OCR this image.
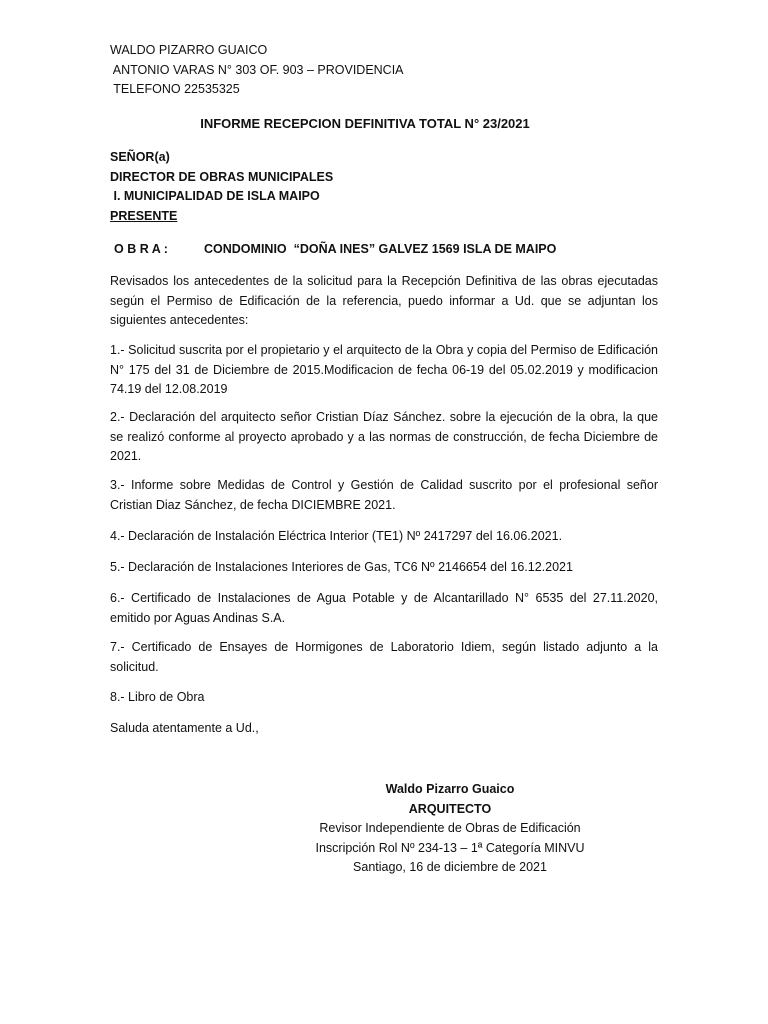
WALDO PIZARRO GUAICO
ANTONIO VARAS N° 303 OF. 903 – PROVIDENCIA
TELEFONO 22535325
INFORME RECEPCION DEFINITIVA TOTAL N° 23/2021
SEÑOR(a)
DIRECTOR DE OBRAS MUNICIPALES
I. MUNICIPALIDAD DE ISLA MAIPO
PRESENTE
O B R A :	CONDOMINIO  “DOÑA INES” GALVEZ 1569 ISLA DE MAIPO
Revisados los antecedentes de la solicitud para la Recepción Definitiva de las obras ejecutadas según el Permiso de Edificación de la referencia, puedo informar a Ud. que se adjuntan los siguientes antecedentes:
1.- Solicitud suscrita por el propietario y el arquitecto de la Obra y copia del Permiso de Edificación N° 175 del 31 de Diciembre de 2015.Modificacion de fecha 06-19 del 05.02.2019 y modificacion 74.19 del 12.08.2019
2.- Declaración del arquitecto señor Cristian Díaz Sánchez. sobre la ejecución de la obra, la que se realizó conforme al proyecto aprobado y a las normas de construcción, de fecha Diciembre de 2021.
3.- Informe sobre Medidas de Control y Gestión de Calidad suscrito por el profesional señor Cristian Diaz Sánchez, de fecha DICIEMBRE 2021.
4.- Declaración de Instalación Eléctrica Interior (TE1) Nº 2417297 del 16.06.2021.
5.- Declaración de Instalaciones Interiores de Gas, TC6 Nº 2146654 del 16.12.2021
6.- Certificado de Instalaciones de Agua Potable y de Alcantarillado N° 6535 del 27.11.2020, emitido por Aguas Andinas S.A.
7.- Certificado de Ensayes de Hormigones de Laboratorio Idiem, según listado adjunto a la solicitud.
8.- Libro de Obra
Saluda atentamente a Ud.,
Waldo Pizarro Guaico
ARQUITECTO
Revisor Independiente de Obras de Edificación
Inscripción Rol Nº 234-13 – 1ª Categoría MINVU
Santiago, 16 de diciembre de 2021
